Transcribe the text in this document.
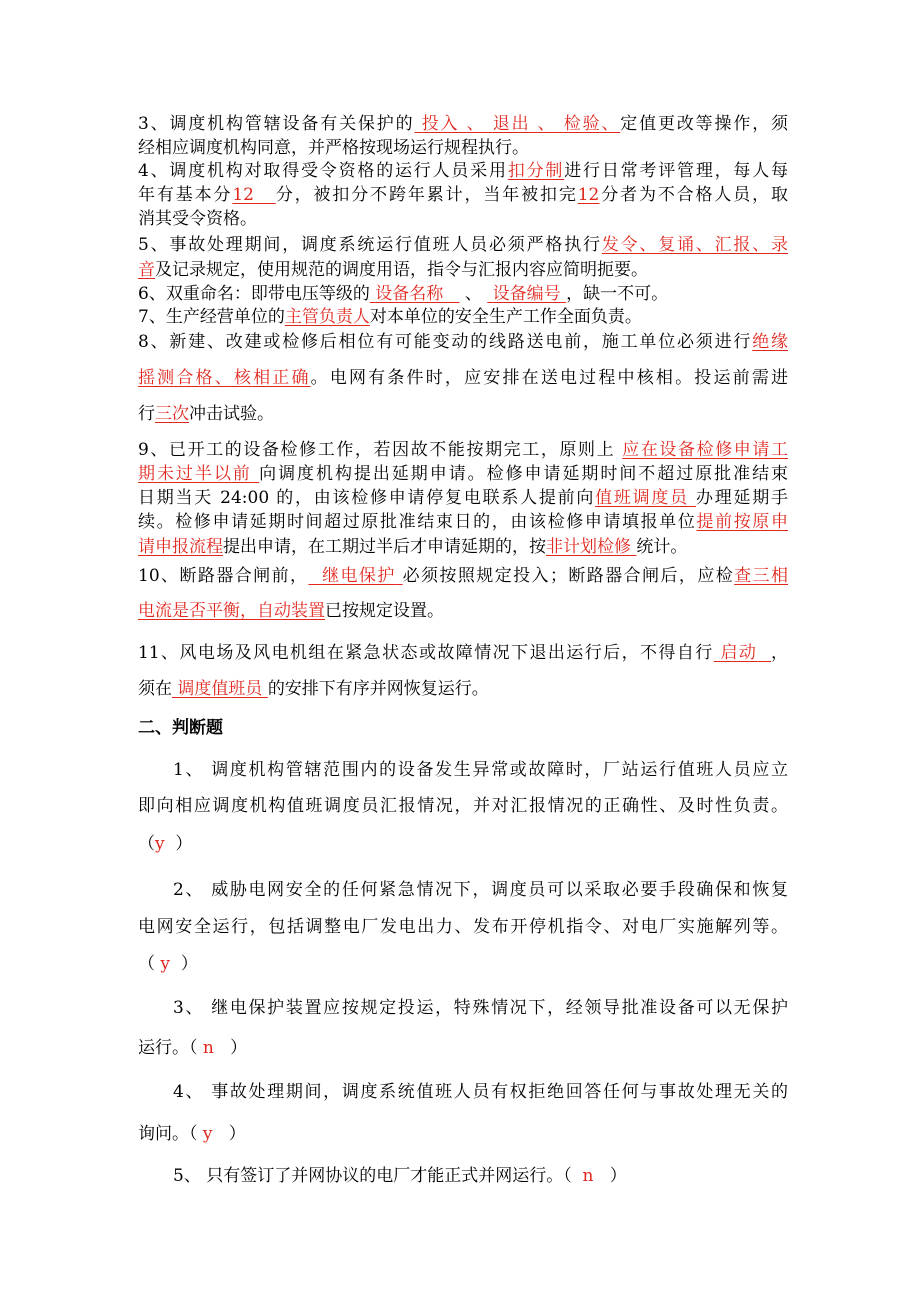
3、调度机构管辖设备有关保护的 投入 、 退出 、 检验、定值更改等操作，须
经相应调度机构同意，并严格按现场运行规程执行。
4、调度机构对取得受令资格的运行人员采用扣分制进行日常考评管理，每人每
年有基本分12 分，被扣分不跨年累计，当年被扣完12分者为不合格人员，取
消其受令资格。
5、事故处理期间，调度系统运行值班人员必须严格执行发令、复诵、汇报、录
音及记录规定，使用规范的调度用语，指令与汇报内容应简明扼要。
6、双重命名：即带电压等级的 设备名称 、 设备编号 ，缺一不可。
7、生产经营单位的主管负责人对本单位的安全生产工作全面负责。
8、新建、改建或检修后相位有可能变动的线路送电前，施工单位必须进行绝缘
摇测合格、核相正确。电网有条件时，应安排在送电过程中核相。投运前需进
行三次冲击试验。
9、已开工的设备检修工作，若因故不能按期完工，原则上 应在设备检修申请工
期未过半以前 向调度机构提出延期申请。检修申请延期时间不超过原批准结束
日期当天 24:00 的，由该检修申请停复电联系人提前向值班调度员 办理延期手
续。检修申请延期时间超过原批准结束日的，由该检修申请填报单位提前按原申
请申报流程提出申请，在工期过半后才申请延期的，按非计划检修 统计。
10、断路器合闸前， 继电保护 必须按照规定投入；断路器合闸后，应检查三相
电流是否平衡，自动装置已按规定设置。
11、风电场及风电机组在紧急状态或故障情况下退出运行后，不得自行 启动 ，
须在 调度值班员 的安排下有序并网恢复运行。
二、判断题
1、 调度机构管辖范围内的设备发生异常或故障时，厂站运行值班人员应立
即向相应调度机构值班调度员汇报情况，并对汇报情况的正确性、及时性负责。
（y ）
2、 威胁电网安全的任何紧急情况下，调度员可以采取必要手段确保和恢复
电网安全运行，包括调整电厂发电出力、发布开停机指令、对电厂实施解列等。
（ y ）
3、 继电保护装置应按规定投运，特殊情况下，经领导批准设备可以无保护
运行。（ n ）
4、 事故处理期间，调度系统值班人员有权拒绝回答任何与事故处理无关的
询问。（ y ）
5、 只有签订了并网协议的电厂才能正式并网运行。（ n ）
